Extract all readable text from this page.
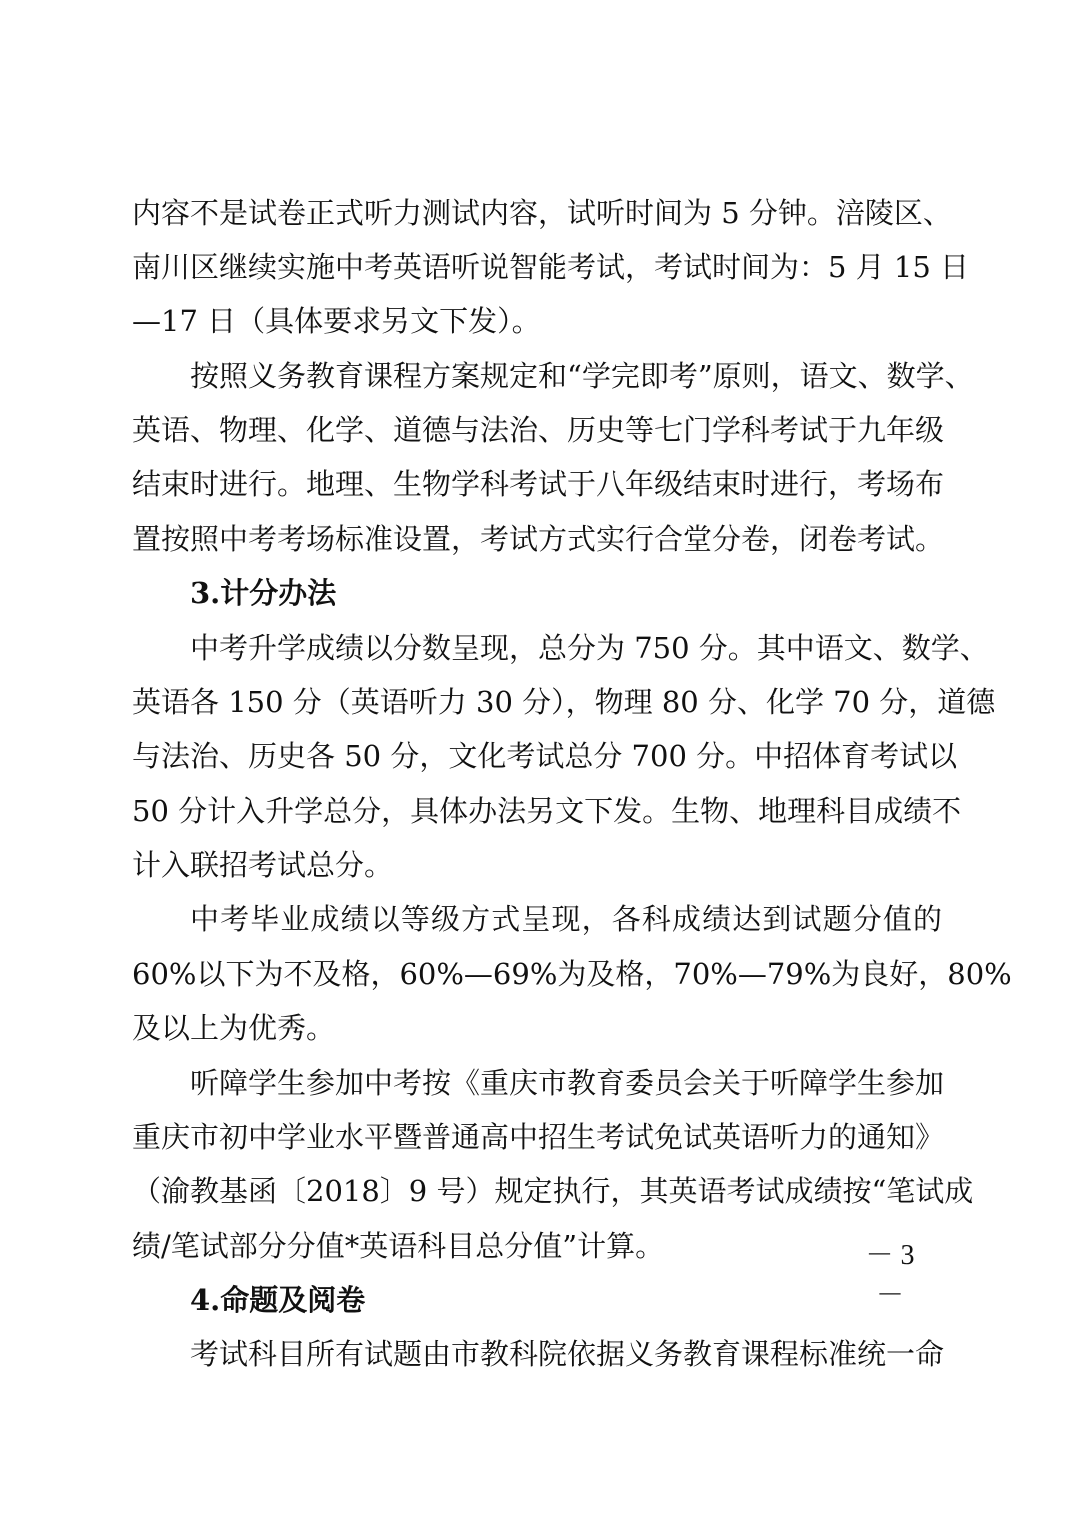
内容不是试卷正式听力测试内容，试听时间为 5 分钟。涪陵区、
南川区继续实施中考英语听说智能考试，考试时间为：5 月 15 日
—17 日（具体要求另文下发）。
按照义务教育课程方案规定和“学完即考”原则，语文、数学、
英语、物理、化学、道德与法治、历史等七门学科考试于九年级
结束时进行。地理、生物学科考试于八年级结束时进行，考场布
置按照中考考场标准设置，考试方式实行合堂分卷，闭卷考试。
3.计分办法
中考升学成绩以分数呈现，总分为 750 分。其中语文、数学、
英语各 150 分（英语听力 30 分），物理 80 分、化学 70 分，道德
与法治、历史各 50 分，文化考试总分 700 分。中招体育考试以
50 分计入升学总分，具体办法另文下发。生物、地理科目成绩不
计入联招考试总分。
中考毕业成绩以等级方式呈现，各科成绩达到试题分值的
60%以下为不及格，60%—69%为及格，70%—79%为良好，80%
及以上为优秀。
听障学生参加中考按《重庆市教育委员会关于听障学生参加
重庆市初中学业水平暨普通高中招生考试免试英语听力的通知》
（渝教基函〔2018〕9 号）规定执行，其英语考试成绩按“笔试成
绩/笔试部分分值*英语科目总分值”计算。
4.命题及阅卷
考试科目所有试题由市教科院依据义务教育课程标准统一命
－ 3 －
